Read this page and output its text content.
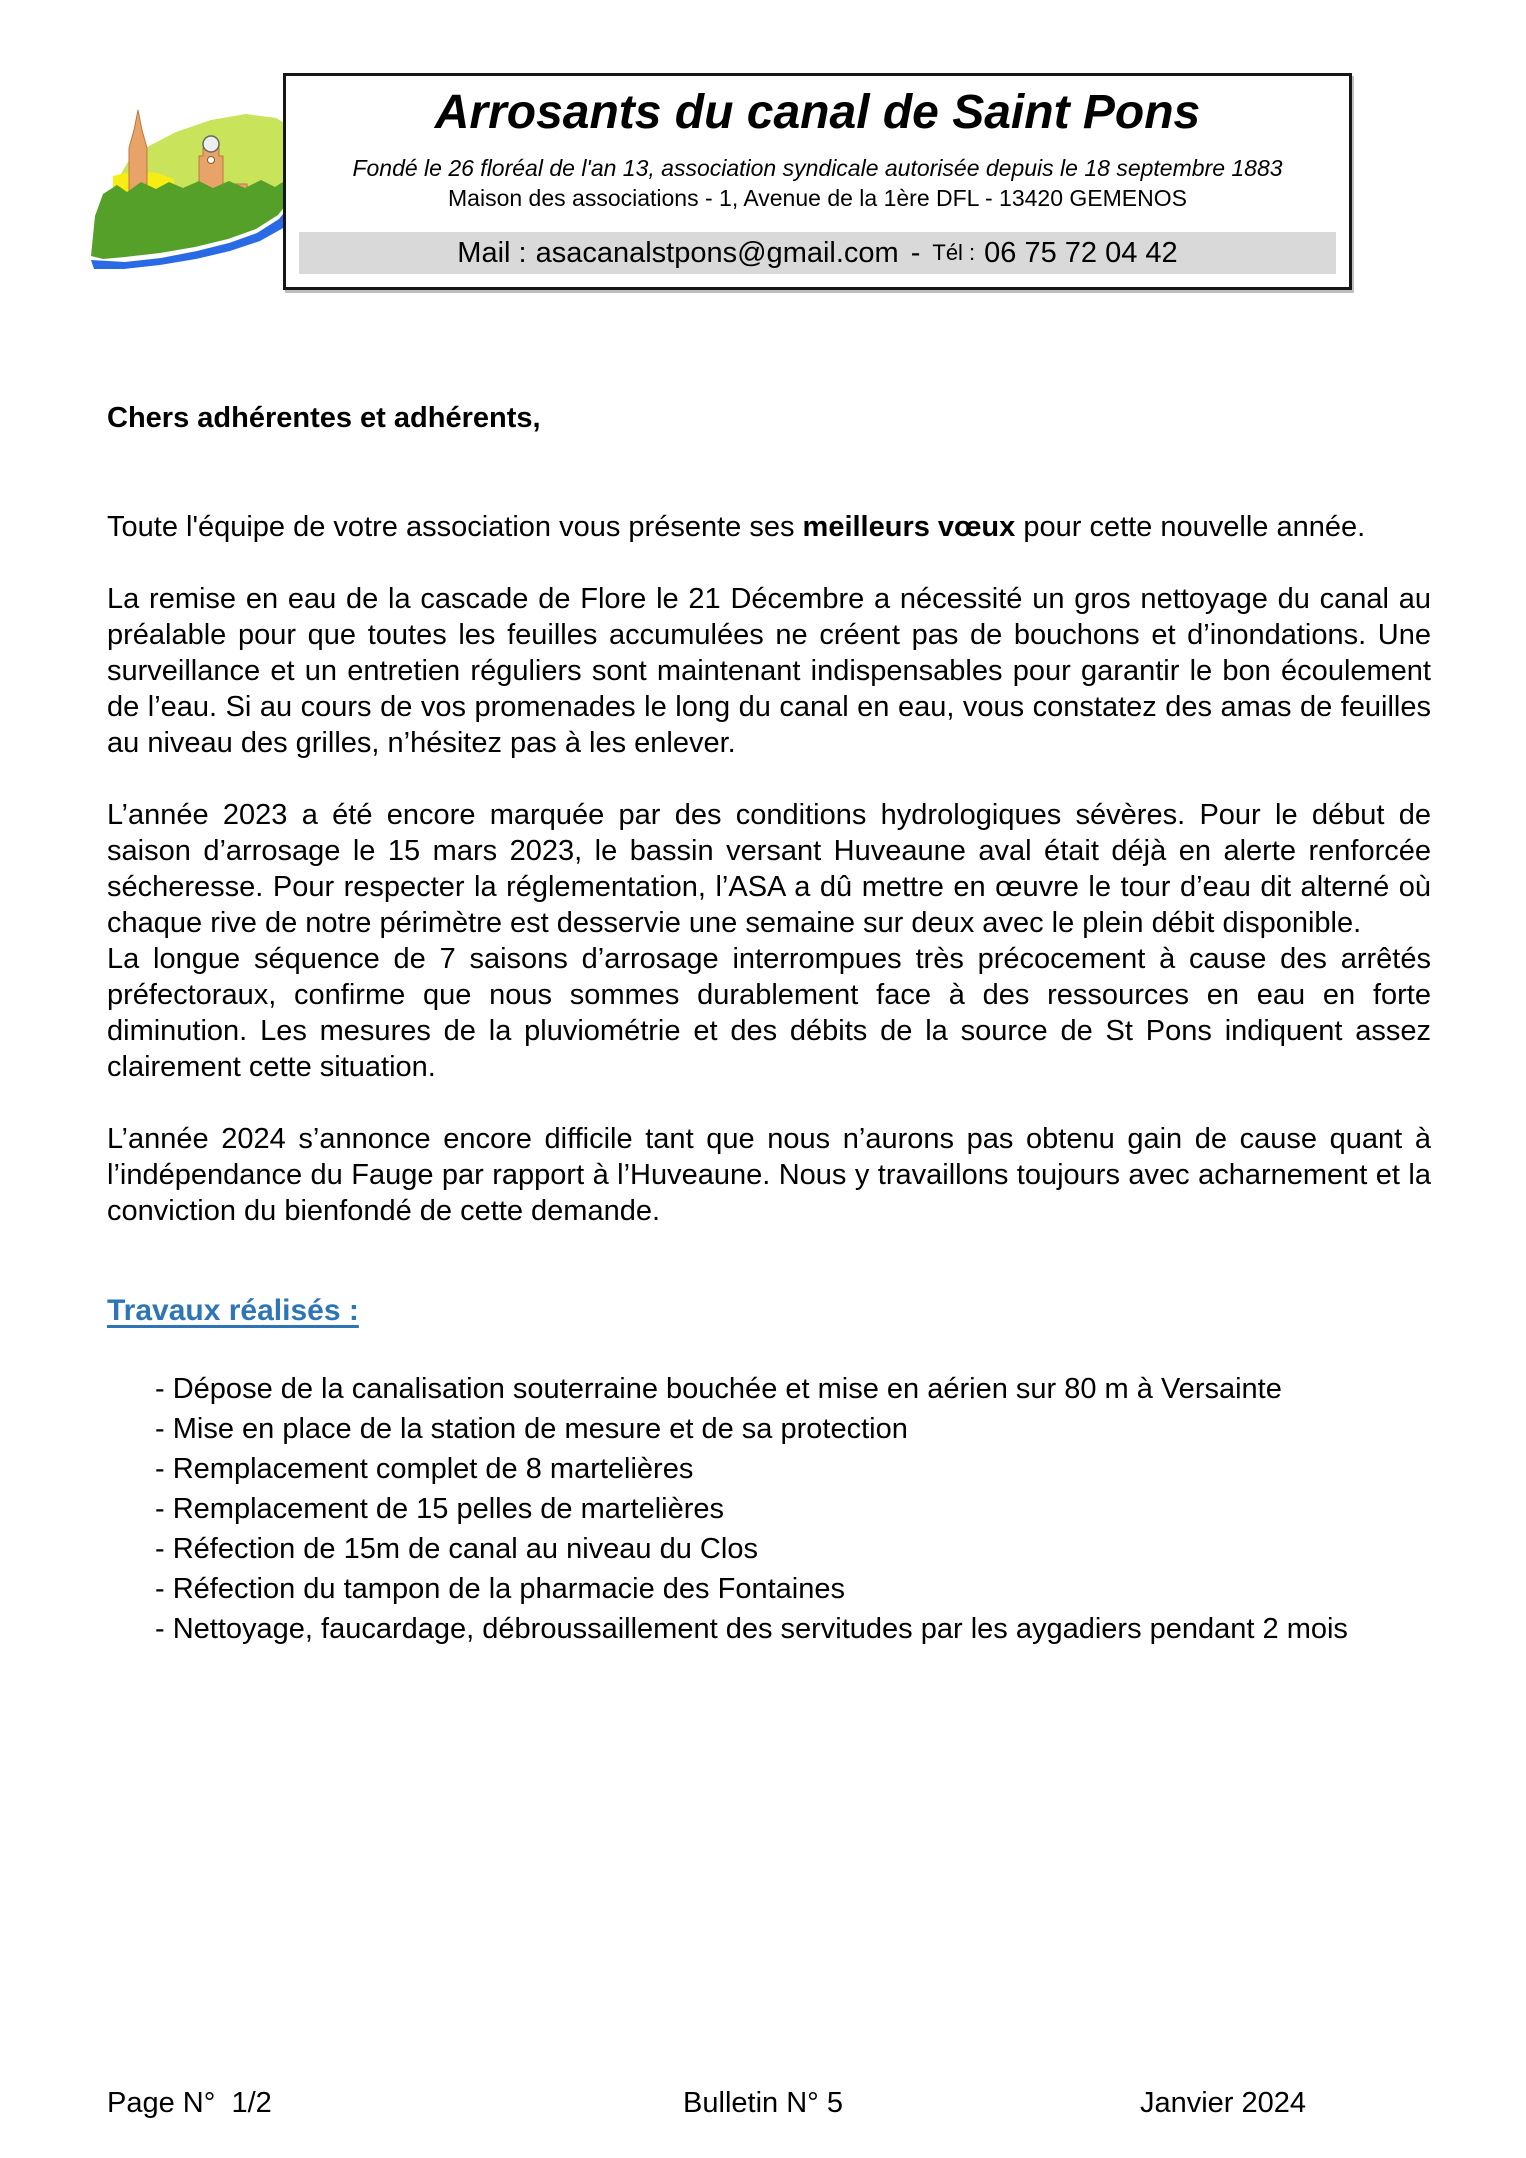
Arrosants du canal de Saint Pons
Fondé le 26 floréal de l'an 13, association syndicale autorisée depuis le 18 septembre 1883
Maison des associations - 1, Avenue de la 1ère DFL - 13420 GEMENOS
Mail : asacanalstpons@gmail.com - Tél : 06 75 72 04 42
Chers adhérentes et adhérents,

Toute l'équipe de votre association vous présente ses meilleurs vœux pour cette nouvelle année.

La remise en eau de la cascade de Flore le 21 Décembre a nécessité un gros nettoyage du canal au préalable pour que toutes les feuilles accumulées ne créent pas de bouchons et d’inondations. Une surveillance et un entretien réguliers sont maintenant indispensables pour garantir le bon écoulement de l’eau. Si au cours de vos promenades le long du canal en eau, vous constatez des amas de feuilles au niveau des grilles, n’hésitez pas à les enlever.

L’année 2023 a été encore marquée par des conditions hydrologiques sévères. Pour le début de saison d’arrosage le 15 mars 2023, le bassin versant Huveaune aval était déjà en alerte renforcée sécheresse. Pour respecter la réglementation, l’ASA a dû mettre en œuvre le tour d’eau dit alterné où chaque rive de notre périmètre est desservie une semaine sur deux avec le plein débit disponible.
La longue séquence de 7 saisons d’arrosage interrompues très précocement à cause des arrêtés préfectoraux, confirme que nous sommes durablement face à des ressources en eau en forte diminution. Les mesures de la pluviométrie et des débits de la source de St Pons indiquent assez clairement cette situation.

L’année 2024 s’annonce encore difficile tant que nous n’aurons pas obtenu gain de cause quant à l’indépendance du Fauge par rapport à l’Huveaune. Nous y travaillons toujours avec acharnement et la conviction du bienfondé de cette demande.

Travaux réalisés :
- Dépose de la canalisation souterraine bouchée et mise en aérien sur 80 m à Versainte
- Mise en place de la station de mesure et de sa protection
- Remplacement complet de 8 martelières
- Remplacement de 15 pelles de martelières
- Réfection de 15m de canal au niveau du Clos
- Réfection du tampon de la pharmacie des Fontaines
- Nettoyage, faucardage, débroussaillement des servitudes par les aygadiers pendant 2 mois
Page N°  1/2	Bulletin N° 5	Janvier 2024
